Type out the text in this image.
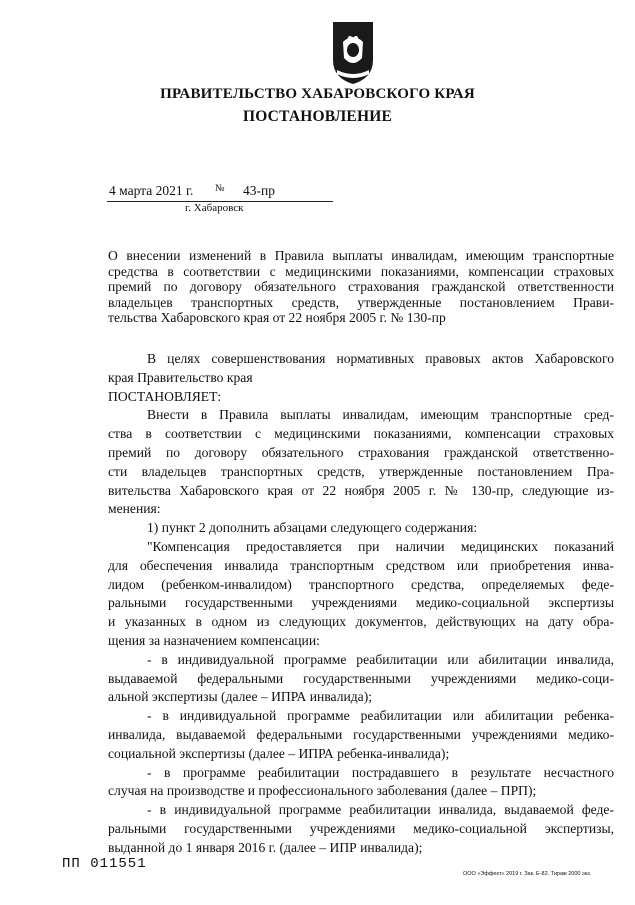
ПРАВИТЕЛЬСТВО ХАБАРОВСКОГО КРАЯ
ПОСТАНОВЛЕНИЕ
4 марта 2021 г. № 43-пр
г. Хабаровск
О внесении изменений в Правила выплаты инвалидам, имеющим транспортные
средства в соответствии с медицинскими показаниями, компенсации страховых
премий по договору обязательного страхования гражданской ответственности
владельцев транспортных средств, утвержденные постановлением Прави-
тельства Хабаровского края от 22 ноября 2005 г. № 130-пр
В целях совершенствования нормативных правовых актов Хабаровского
края Правительство края
ПОСТАНОВЛЯЕТ:
Внести в Правила выплаты инвалидам, имеющим транспортные сред-
ства в соответствии с медицинскими показаниями, компенсации страховых
премий по договору обязательного страхования гражданской ответственно-
сти владельцев транспортных средств, утвержденные постановлением Пра-
вительства Хабаровского края от 22 ноября 2005 г. № 130-пр, следующие из-
менения:
1) пункт 2 дополнить абзацами следующего содержания:
"Компенсация предоставляется при наличии медицинских показаний
для обеспечения инвалида транспортным средством или приобретения инва-
лидом (ребенком-инвалидом) транспортного средства, определяемых феде-
ральными государственными учреждениями медико-социальной экспертизы
и указанных в одном из следующих документов, действующих на дату обра-
щения за назначением компенсации:
- в индивидуальной программе реабилитации или абилитации инвалида,
выдаваемой федеральными государственными учреждениями медико-соци-
альной экспертизы (далее – ИПРА инвалида);
- в индивидуальной программе реабилитации или абилитации ребенка-
инвалида, выдаваемой федеральными государственными учреждениями медико-
социальной экспертизы (далее – ИПРА ребенка-инвалида);
- в программе реабилитации пострадавшего в результате несчастного
случая на производстве и профессионального заболевания (далее – ПРП);
- в индивидуальной программе реабилитации инвалида, выдаваемой феде-
ральными государственными учреждениями медико-социальной экспертизы,
выданной до 1 января 2016 г. (далее – ИПР инвалида);
ПП 011551
ООО «Эффект» 2019 г. Зак. Е-82. Тираж 2000 экз.
